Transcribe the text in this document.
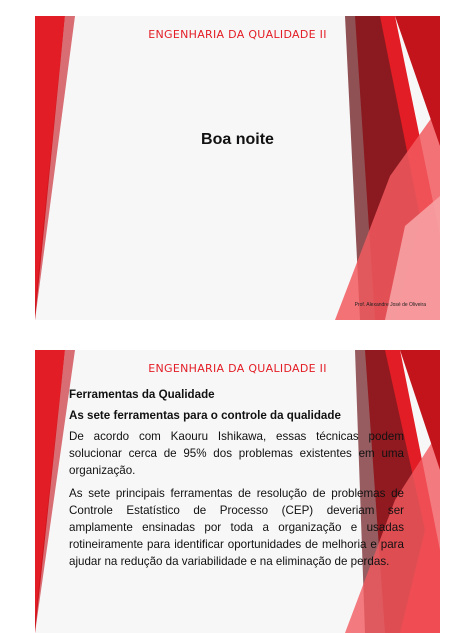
ENGENHARIA DA QUALIDADE II
Boa noite
Prof. Alexandre José de Oliveira
ENGENHARIA DA QUALIDADE II
Ferramentas da Qualidade
As sete ferramentas para o controle da qualidade

De acordo com Kaouru Ishikawa, essas técnicas podem solucionar cerca de 95% dos problemas existentes em uma organização.

As sete principais ferramentas de resolução de problemas de Controle Estatístico de Processo (CEP) deveriam ser amplamente ensinadas por toda a organização e usadas rotineiramente para identificar oportunidades de melhoria e para ajudar na redução da variabilidade e na eliminação de perdas.
